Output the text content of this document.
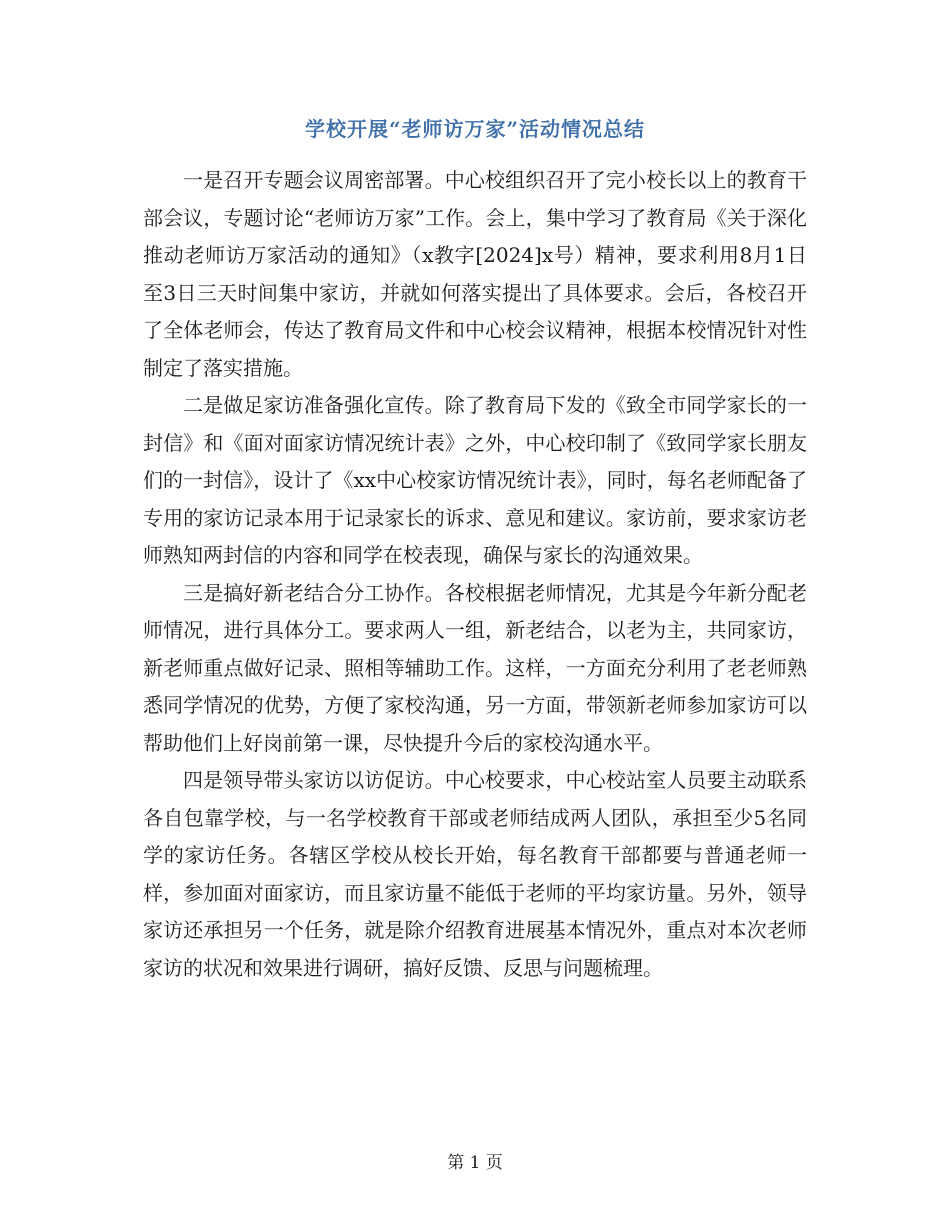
学校开展“老师访万家”活动情况总结

一是召开专题会议周密部署。中心校组织召开了完小校长以上的教育干部会议，专题讨论“老师访万家”工作。会上，集中学习了教育局《关于深化推动老师访万家活动的通知》（x教字[2024]x号）精神，要求利用8月1日至3日三天时间集中家访，并就如何落实提出了具体要求。会后，各校召开了全体老师会，传达了教育局文件和中心校会议精神，根据本校情况针对性制定了落实措施。

二是做足家访准备强化宣传。除了教育局下发的《致全市同学家长的一封信》和《面对面家访情况统计表》之外，中心校印制了《致同学家长朋友们的一封信》，设计了《xx中心校家访情况统计表》，同时，每名老师配备了专用的家访记录本用于记录家长的诉求、意见和建议。家访前，要求家访老师熟知两封信的内容和同学在校表现，确保与家长的沟通效果。

三是搞好新老结合分工协作。各校根据老师情况，尤其是今年新分配老师情况，进行具体分工。要求两人一组，新老结合，以老为主，共同家访，新老师重点做好记录、照相等辅助工作。这样，一方面充分利用了老老师熟悉同学情况的优势，方便了家校沟通，另一方面，带领新老师参加家访可以帮助他们上好岗前第一课，尽快提升今后的家校沟通水平。

四是领导带头家访以访促访。中心校要求，中心校站室人员要主动联系各自包靠学校，与一名学校教育干部或老师结成两人团队，承担至少5名同学的家访任务。各辖区学校从校长开始，每名教育干部都要与普通老师一样，参加面对面家访，而且家访量不能低于老师的平均家访量。另外，领导家访还承担另一个任务，就是除介绍教育进展基本情况外，重点对本次老师家访的状况和效果进行调研，搞好反馈、反思与问题梳理。

第 1 页
